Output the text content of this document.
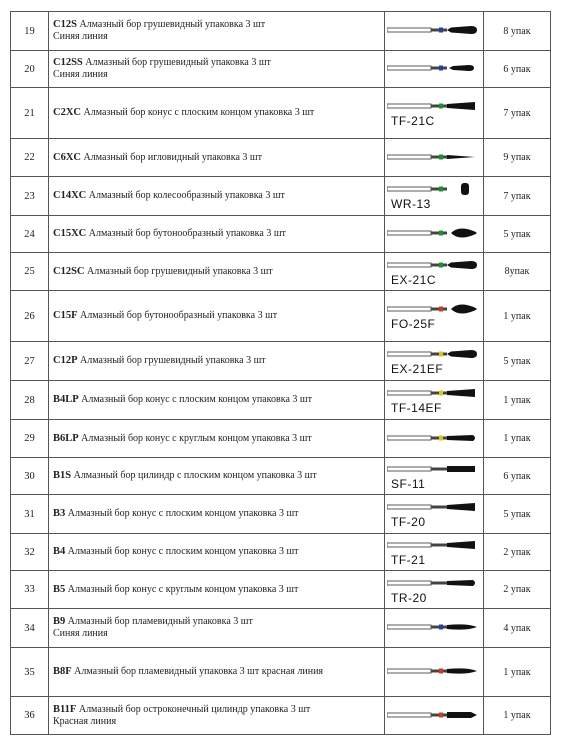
19	C12S Алмазный бор грушевидный упаковка 3 шт
Синяя линия		8 упак
20	C12SS Алмазный бор грушевидный упаковка 3 шт
Синяя линия		6 упак
21	C2XC Алмазный бор конус с плоским концом упаковка 3 шт	TF-21C	7 упак
22	C6XC Алмазный бор игловидный упаковка 3 шт		9 упак
23	C14XC Алмазный бор колесообразный упаковка 3 шт	WR-13	7 упак
24	C15XC Алмазный бор бутонообразный упаковка 3 шт		5 упак
25	C12SC Алмазный бор грушевидный упаковка 3 шт	EX-21C	8упак
26	C15F Алмазный бор бутонообразный упаковка 3 шт	FO-25F	1 упак
27	C12P Алмазный бор грушевидный упаковка 3 шт	EX-21EF	5 упак
28	B4LP Алмазный бор конус с плоским концом упаковка 3 шт	TF-14EF	1 упак
29	B6LP Алмазный бор конус с круглым концом упаковка 3 шт		1 упак
30	B1S Алмазный бор цилиндр с плоским концом упаковка 3 шт	SF-11	6 упак
31	B3 Алмазный бор конус с плоским концом упаковка 3 шт	TF-20	5 упак
32	B4 Алмазный бор конус с плоским концом упаковка 3 шт	TF-21	2 упак
33	B5 Алмазный бор конус с круглым концом упаковка 3 шт	TR-20	2 упак
34	B9 Алмазный бор пламевидный упаковка 3 шт
Синяя линия		4 упак
35	B8F Алмазный бор пламевидный упаковка 3 шт красная линия		1 упак
36	B11F Алмазный бор остроконечный цилиндр упаковка 3 шт
Красная линия		1 упак
